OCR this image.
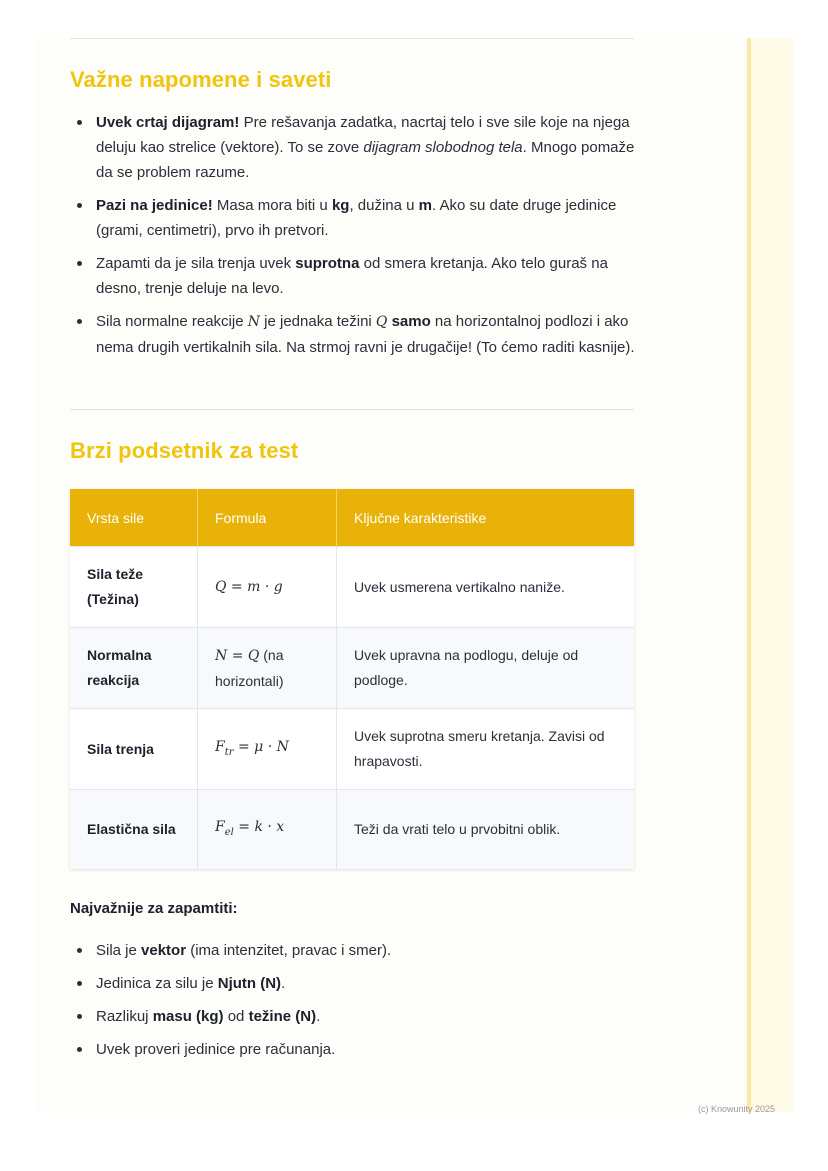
Važne napomene i saveti
Uvek crtaj dijagram! Pre rešavanja zadatka, nacrtaj telo i sve sile koje na njega deluju kao strelice (vektore). To se zove dijagram slobodnog tela. Mnogo pomaže da se problem razume.
Pazi na jedinice! Masa mora biti u kg, dužina u m. Ako su date druge jedinice (grami, centimetri), prvo ih pretvori.
Zapamti da je sila trenja uvek suprotna od smera kretanja. Ako telo guraš na desno, trenje deluje na levo.
Sila normalne reakcije N je jednaka težini Q samo na horizontalnoj podlozi i ako nema drugih vertikalnih sila. Na strmoj ravni je drugačije! (To ćemo raditi kasnije).
Brzi podsetnik za test
Vrsta sile	Formula	Ključne karakteristike
Sila teže (Težina)	Q = m · g	Uvek usmerena vertikalno naniže.
Normalna reakcija	N = Q (na horizontali)	Uvek upravna na podlogu, deluje od podloge.
Sila trenja	$F_{tr} = \mu \cdot N$	Uvek suprotna smeru kretanja. Zavisi od hrapavosti.
Elastična sila	$F_{el} = k \cdot x$	Teži da vrati telo u prvobitni oblik.
Najvažnije za zapamtiti:
Sila je vektor (ima intenzitet, pravac i smer).
Jedinica za silu je Njutn (N).
Razlikuj masu (kg) od težine (N).
Uvek proveri jedinice pre računanja.
(c) Knowunity 2025
